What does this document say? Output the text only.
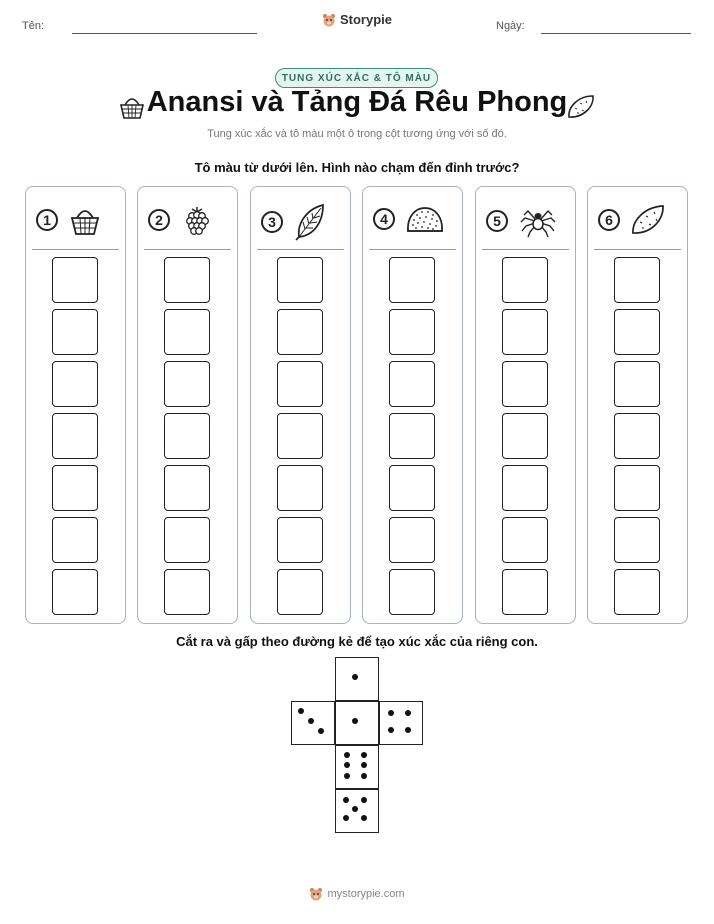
Tên:	Storypie	Ngày:
TUNG XÚC XẮC & TÔ MÀU
Anansi và Tảng Đá Rêu Phong
Tung xúc xắc và tô màu một ô trong cột tương ứng với số đó.
Tô màu từ dưới lên. Hình nào chạm đến đỉnh trước?
1	2	3	4	5	6
Cắt ra và gấp theo đường kẻ để tạo xúc xắc của riêng con.
mystorypie.com
